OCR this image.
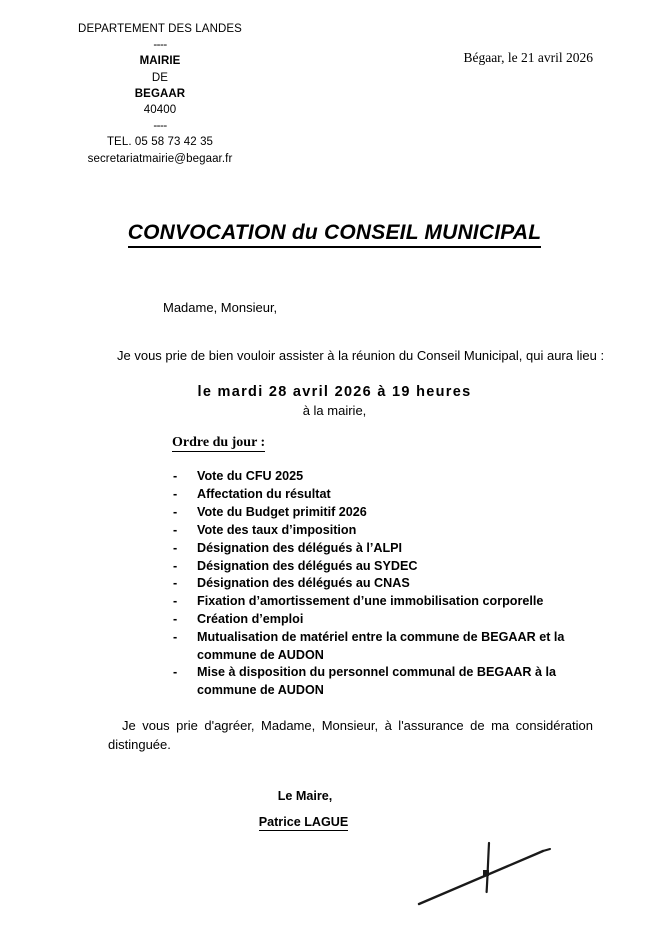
DEPARTEMENT DES LANDES
----
MAIRIE
DE
BEGAAR
40400
----
TEL. 05 58 73 42 35
secretariatmairie@begaar.fr
Bégaar, le 21 avril 2026
CONVOCATION du CONSEIL MUNICIPAL
Madame, Monsieur,
Je vous prie de bien vouloir assister à la réunion du Conseil Municipal, qui aura lieu :
le mardi 28 avril 2026 à 19 heures
à la mairie,
Ordre du jour :
- Vote du CFU 2025
- Affectation du résultat
- Vote du Budget primitif 2026
- Vote des taux d’imposition
- Désignation des délégués à l’ALPI
- Désignation des délégués au SYDEC
- Désignation des délégués au CNAS
- Fixation d’amortissement d’une immobilisation corporelle
- Création d’emploi
- Mutualisation de matériel entre la commune de BEGAAR et la commune de AUDON
- Mise à disposition du personnel communal de BEGAAR à la commune de AUDON
Je vous prie d'agréer, Madame, Monsieur, à l'assurance de ma considération distinguée.
Le Maire,
Patrice LAGUE
